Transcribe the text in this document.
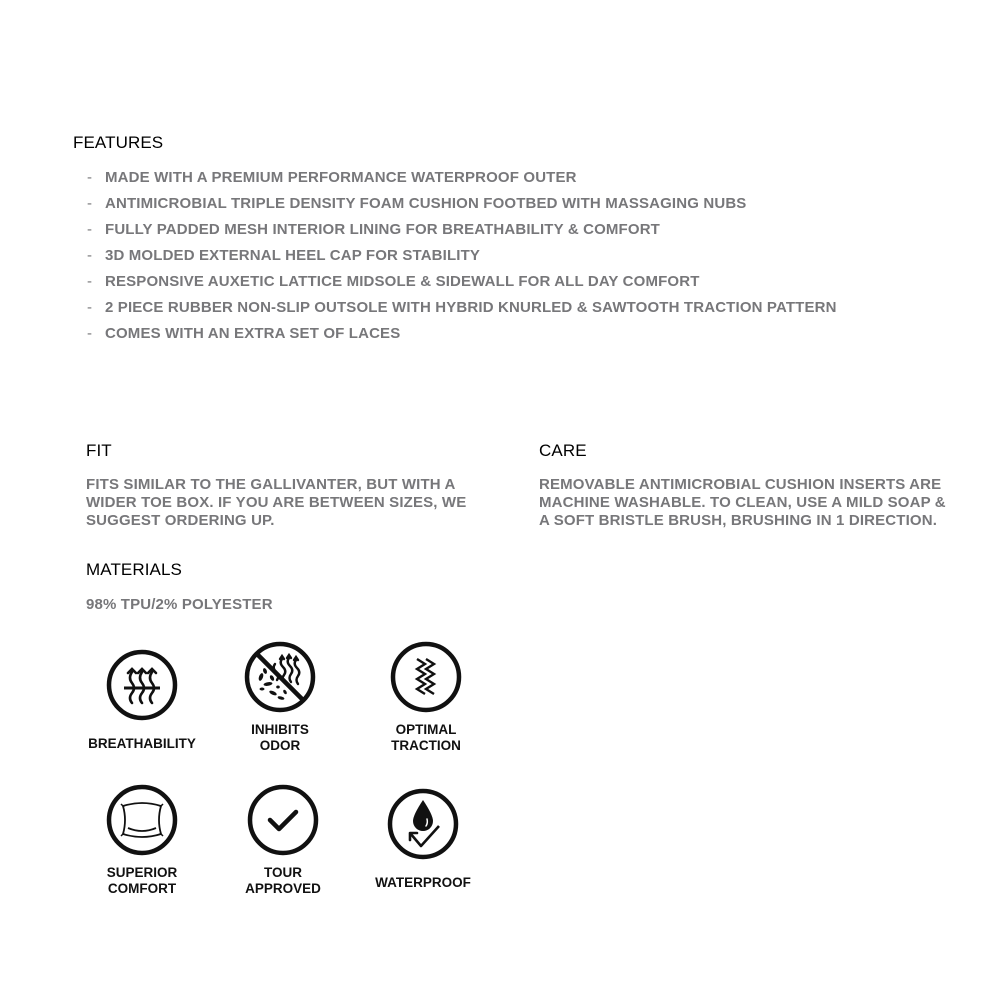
FEATURES
- MADE WITH A PREMIUM PERFORMANCE WATERPROOF OUTER
- ANTIMICROBIAL TRIPLE DENSITY FOAM CUSHION FOOTBED WITH MASSAGING NUBS
- FULLY PADDED MESH INTERIOR LINING FOR BREATHABILITY & COMFORT
- 3D MOLDED EXTERNAL HEEL CAP FOR STABILITY
- RESPONSIVE AUXETIC LATTICE MIDSOLE & SIDEWALL FOR ALL DAY COMFORT
- 2 PIECE RUBBER NON-SLIP OUTSOLE WITH HYBRID KNURLED & SAWTOOTH TRACTION PATTERN
- COMES WITH AN EXTRA SET OF LACES
FIT

FITS SIMILAR TO THE GALLIVANTER, BUT WITH A WIDER TOE BOX. IF YOU ARE BETWEEN SIZES, WE SUGGEST ORDERING UP.

CARE

REMOVABLE ANTIMICROBIAL CUSHION INSERTS ARE MACHINE WASHABLE. TO CLEAN, USE A MILD SOAP & A SOFT BRISTLE BRUSH, BRUSHING IN 1 DIRECTION.

MATERIALS

98% TPU/2% POLYESTER

BREATHABILITY
INHIBITS
ODOR
OPTIMAL
TRACTION
SUPERIOR
COMFORT
TOUR
APPROVED	WATERPROOF
